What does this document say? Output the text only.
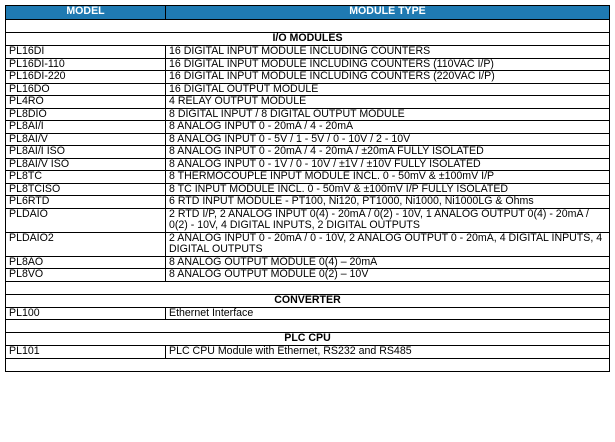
MODEL	MODULE TYPE

I/O MODULES	
PL16DI	16 DIGITAL INPUT MODULE INCLUDING COUNTERS
PL16DI-110	16 DIGITAL INPUT MODULE INCLUDING COUNTERS (110VAC I/P)
PL16DI-220	16 DIGITAL INPUT MODULE INCLUDING COUNTERS (220VAC I/P)
PL16DO	16 DIGITAL OUTPUT MODULE
PL4RO	4 RELAY OUTPUT MODULE
PL8DIO	8 DIGITAL INPUT / 8 DIGITAL OUTPUT MODULE
PL8AI/I	8 ANALOG INPUT 0 - 20mA / 4 - 20mA
PL8AI/V	8 ANALOG INPUT 0 - 5V / 1 - 5V / 0 - 10V / 2 - 10V
PL8AI/I ISO	8 ANALOG INPUT 0 - 20mA / 4 - 20mA / ±20mA FULLY ISOLATED
PL8AI/V ISO	8 ANALOG INPUT 0 - 1V / 0 - 10V / ±1V / ±10V FULLY ISOLATED
PL8TC	8 THERMOCOUPLE INPUT MODULE INCL. 0 - 50mV & ±100mV I/P
PL8TCISO	8 TC INPUT MODULE INCL. 0 - 50mV & ±100mV I/P FULLY ISOLATED
PL6RTD	6 RTD INPUT MODULE - PT100, Ni120, PT1000, Ni1000, Ni1000LG & Ohms
PLDAIO	2 RTD I/P, 2 ANALOG INPUT 0(4) - 20mA / 0(2) - 10V, 1 ANALOG OUTPUT 0(4) - 20mA / 0(2) - 10V, 4 DIGITAL INPUTS, 2 DIGITAL OUTPUTS
PLDAIO2	2 ANALOG INPUT 0 - 20mA / 0 - 10V, 2 ANALOG OUTPUT 0 - 20mA, 4 DIGITAL INPUTS, 4 DIGITAL OUTPUTS
PL8AO	8 ANALOG OUTPUT MODULE 0(4) – 20mA
PL8VO	8 ANALOG OUTPUT MODULE 0(2) – 10V

CONVERTER	
PL100	Ethernet Interface

PLC CPU	
PL101	PLC CPU Module with Ethernet, RS232 and RS485
